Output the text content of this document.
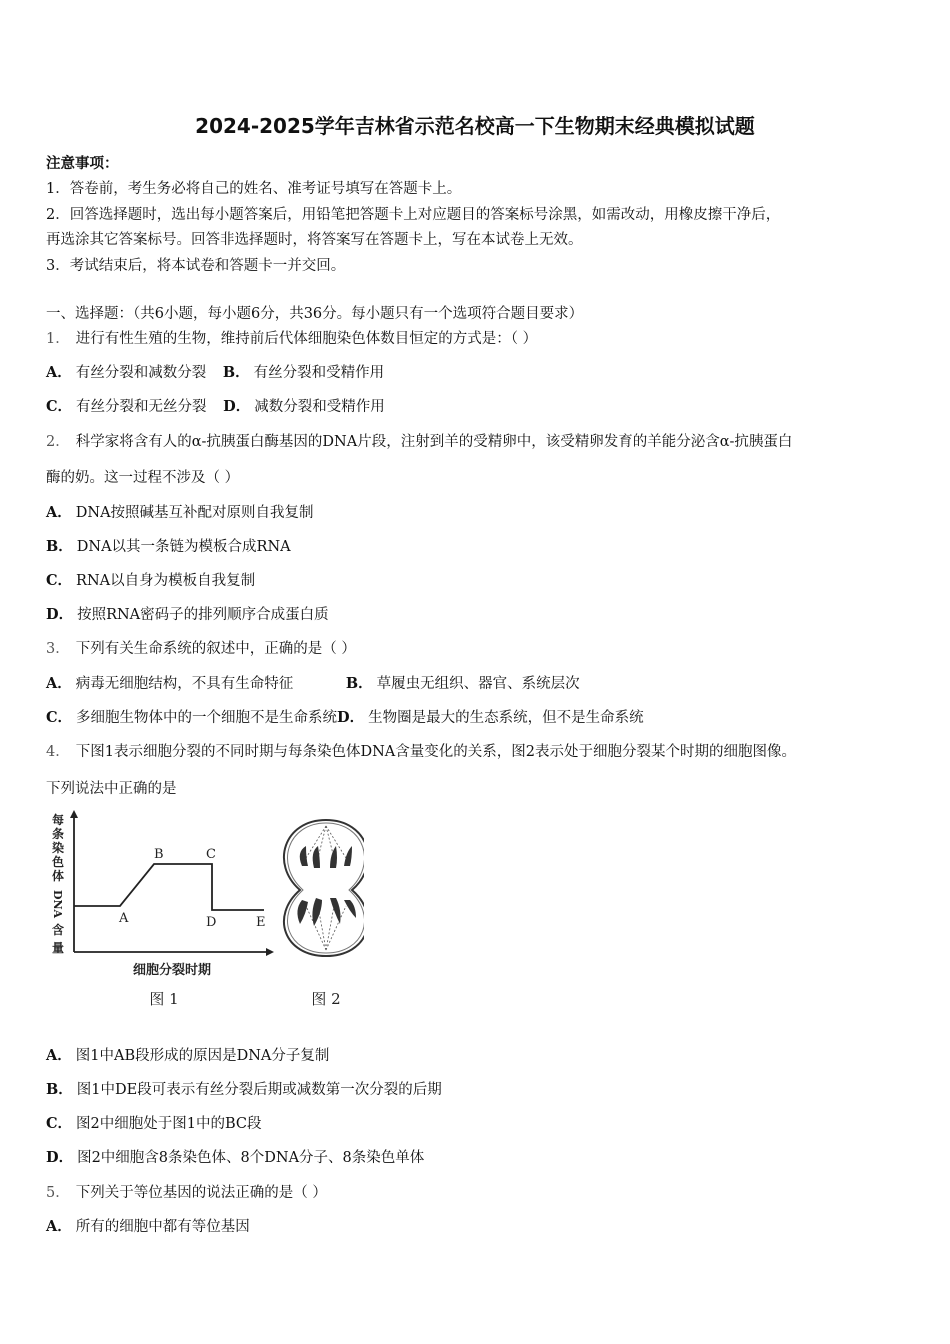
2024-2025学年吉林省示范名校高一下生物期末经典模拟试题
注意事项：
1．答卷前，考生务必将自己的姓名、准考证号填写在答题卡上。
2．回答选择题时，选出每小题答案后，用铅笔把答题卡上对应题目的答案标号涂黑，如需改动，用橡皮擦干净后，
再选涂其它答案标号。回答非选择题时，将答案写在答题卡上，写在本试卷上无效。
3．考试结束后，将本试卷和答题卡一并交回。
一、选择题：（共6小题，每小题6分，共36分。每小题只有一个选项符合题目要求）
1． 进行有性生殖的生物，维持前后代体细胞染色体数目恒定的方式是：（ ）
A． 有丝分裂和减数分裂 B． 有丝分裂和受精作用
C． 有丝分裂和无丝分裂 D． 减数分裂和受精作用
2． 科学家将含有人的α-抗胰蛋白酶基因的DNA片段，注射到羊的受精卵中，该受精卵发育的羊能分泌含α-抗胰蛋白
酶的奶。这一过程不涉及（ ）
A． DNA按照碱基互补配对原则自我复制
B． DNA以其一条链为模板合成RNA
C． RNA以自身为模板自我复制
D． 按照RNA密码子的排列顺序合成蛋白质
3． 下列有关生命系统的叙述中，正确的是（ ）
A． 病毒无细胞结构，不具有生命特征	B． 草履虫无组织、器官、系统层次
C． 多细胞生物体中的一个细胞不是生命系统D． 生物圈是最大的生态系统，但不是生命系统
4． 下图1表示细胞分裂的不同时期与每条染色体DNA含量变化的关系，图2表示处于细胞分裂某个时期的细胞图像。
下列说法中正确的是
每
条
染
色
体
DNA
含
量
A
B	C
D	E
细胞分裂时期
图 1	图 2
A． 图1中AB段形成的原因是DNA分子复制
B． 图1中DE段可表示有丝分裂后期或减数第一次分裂的后期
C． 图2中细胞处于图1中的BC段
D． 图2中细胞含8条染色体、8个DNA分子、8条染色单体
5． 下列关于等位基因的说法正确的是（ ）
A． 所有的细胞中都有等位基因
